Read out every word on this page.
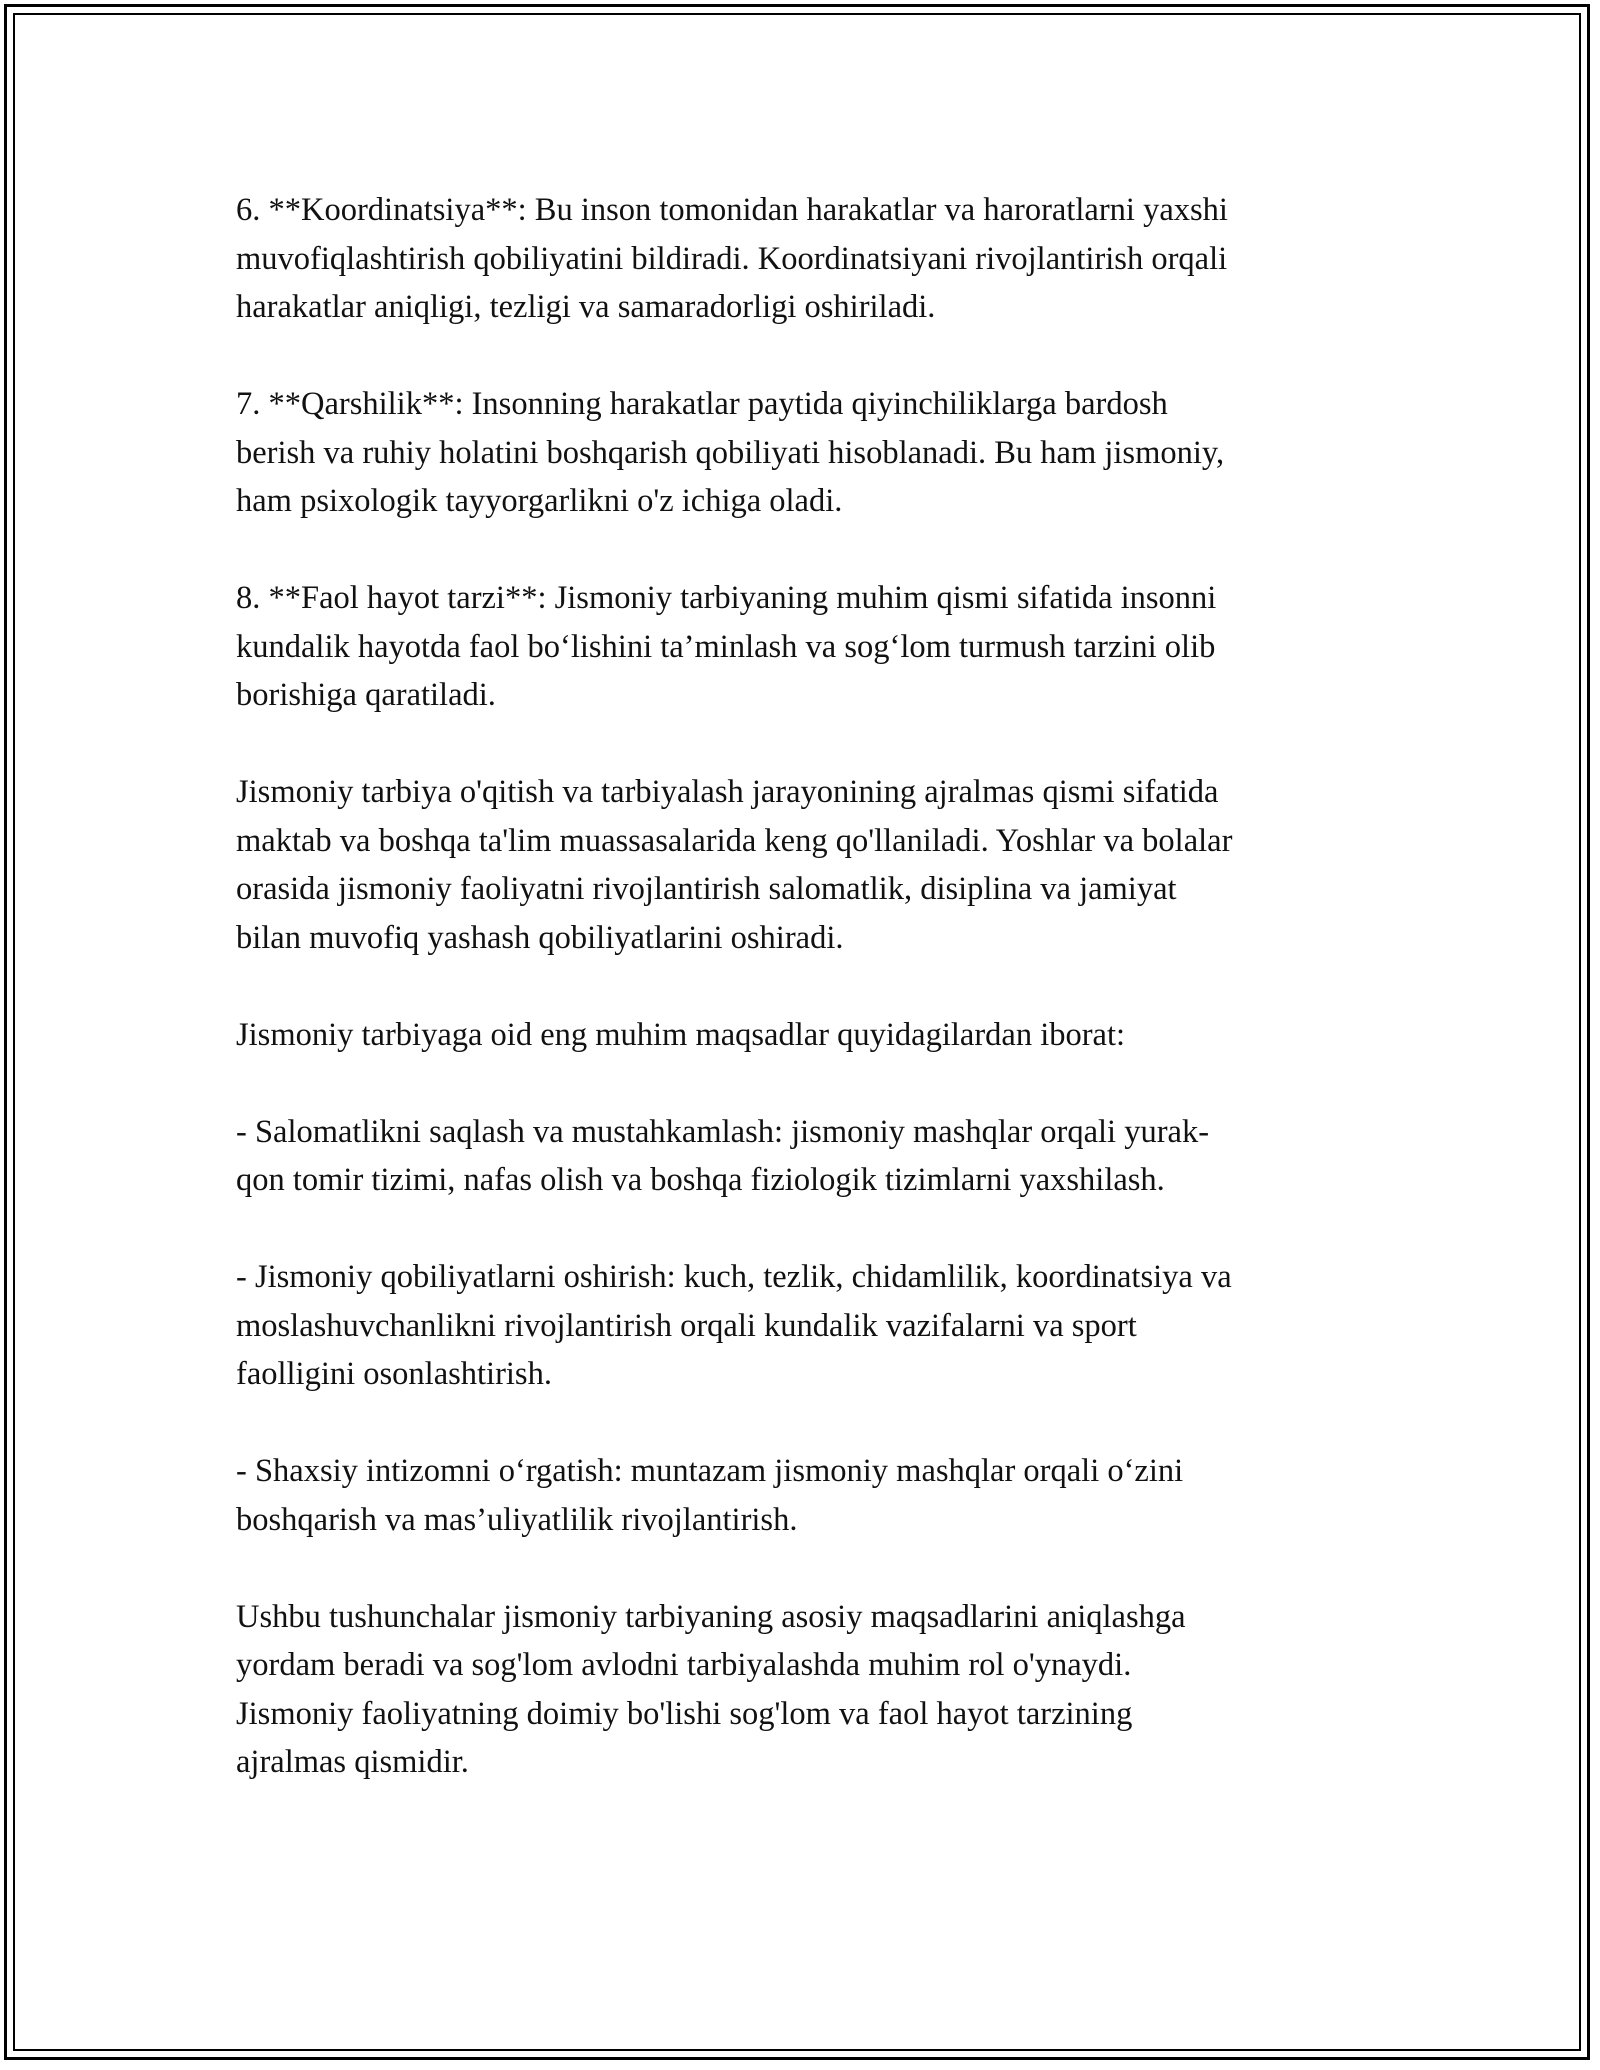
6. **Koordinatsiya**: Bu inson tomonidan harakatlar va haroratlarni yaxshi
muvofiqlashtirish qobiliyatini bildiradi. Koordinatsiyani rivojlantirish orqali
harakatlar aniqligi, tezligi va samaradorligi oshiriladi.

7. **Qarshilik**: Insonning harakatlar paytida qiyinchiliklarga bardosh
berish va ruhiy holatini boshqarish qobiliyati hisoblanadi. Bu ham jismoniy,
ham psixologik tayyorgarlikni o'z ichiga oladi.

8. **Faol hayot tarzi**: Jismoniy tarbiyaning muhim qismi sifatida insonni
kundalik hayotda faol bo‘lishini ta’minlash va sog‘lom turmush tarzini olib
borishiga qaratiladi.

Jismoniy tarbiya o'qitish va tarbiyalash jarayonining ajralmas qismi sifatida
maktab va boshqa ta'lim muassasalarida keng qo'llaniladi. Yoshlar va bolalar
orasida jismoniy faoliyatni rivojlantirish salomatlik, disiplina va jamiyat
bilan muvofiq yashash qobiliyatlarini oshiradi.

Jismoniy tarbiyaga oid eng muhim maqsadlar quyidagilardan iborat:

- Salomatlikni saqlash va mustahkamlash: jismoniy mashqlar orqali yurak-
qon tomir tizimi, nafas olish va boshqa fiziologik tizimlarni yaxshilash.

- Jismoniy qobiliyatlarni oshirish: kuch, tezlik, chidamlilik, koordinatsiya va
moslashuvchanlikni rivojlantirish orqali kundalik vazifalarni va sport
faolligini osonlashtirish.

- Shaxsiy intizomni o‘rgatish: muntazam jismoniy mashqlar orqali o‘zini
boshqarish va mas’uliyatlilik rivojlantirish.

Ushbu tushunchalar jismoniy tarbiyaning asosiy maqsadlarini aniqlashga
yordam beradi va sog'lom avlodni tarbiyalashda muhim rol o'ynaydi.
Jismoniy faoliyatning doimiy bo'lishi sog'lom va faol hayot tarzining
ajralmas qismidir.
